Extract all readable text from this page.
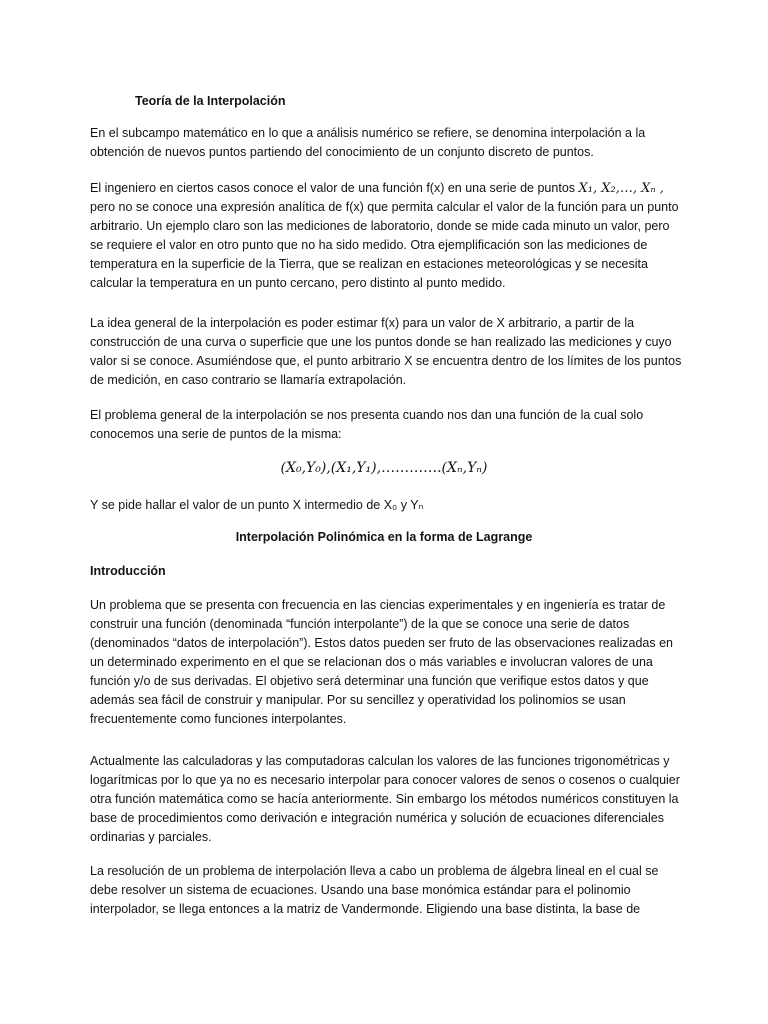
Teoría de la Interpolación

En el subcampo matemático en lo que a análisis numérico se refiere, se denomina interpolación a la obtención de nuevos puntos partiendo del conocimiento de un conjunto discreto de puntos.

El ingeniero en ciertos casos conoce el valor de una función f(x) en una serie de puntos X₁, X₂,…, Xₙ , pero no se conoce una expresión analítica de f(x) que permita calcular el valor de la función para un punto arbitrario. Un ejemplo claro son las mediciones de laboratorio, donde se mide cada minuto un valor, pero se requiere el valor en otro punto que no ha sido medido. Otra ejemplificación son las mediciones de temperatura en la superficie de la Tierra, que se realizan en estaciones meteorológicas y se necesita calcular la temperatura en un punto cercano, pero distinto al punto medido.

La idea general de la interpolación es poder estimar f(x) para un valor de X arbitrario, a partir de la construcción de una curva o superficie que une los puntos donde se han realizado las mediciones y cuyo valor si se conoce. Asumiéndose que, el punto arbitrario X se encuentra dentro de los límites de los puntos de medición, en caso contrario se llamaría extrapolación.

El problema general de la interpolación se nos presenta cuando nos dan una función de la cual solo conocemos una serie de puntos de la misma:

(X₀,Y₀),(X₁,Y₁),………….(Xₙ,Yₙ)

Y se pide hallar el valor de un punto X intermedio de X₀ y Yₙ

Interpolación Polinómica en la forma de Lagrange

Introducción

Un problema que se presenta con frecuencia en las ciencias experimentales y en ingeniería es tratar de construir una función (denominada “función interpolante”) de la que se conoce una serie de datos (denominados “datos de interpolación”). Estos datos pueden ser fruto de las observaciones realizadas en un determinado experimento en el que se relacionan dos o más variables e involucran valores de una función y/o de sus derivadas. El objetivo será determinar una función que verifique estos datos y que además sea fácil de construir y manipular. Por su sencillez y operatividad los polinomios se usan frecuentemente como funciones interpolantes.

Actualmente las calculadoras y las computadoras calculan los valores de las funciones trigonométricas y logarítmicas por lo que ya no es necesario interpolar para conocer valores de senos o cosenos o cualquier otra función matemática como se hacía anteriormente. Sin embargo los métodos numéricos constituyen la base de procedimientos como derivación e integración numérica y solución de ecuaciones diferenciales ordinarias y parciales.

La resolución de un problema de interpolación lleva a cabo un problema de álgebra lineal en el cual se debe resolver un sistema de ecuaciones. Usando una base monómica estándar para el polinomio interpolador, se llega entonces a la matriz de Vandermonde. Eligiendo una base distinta, la base de
